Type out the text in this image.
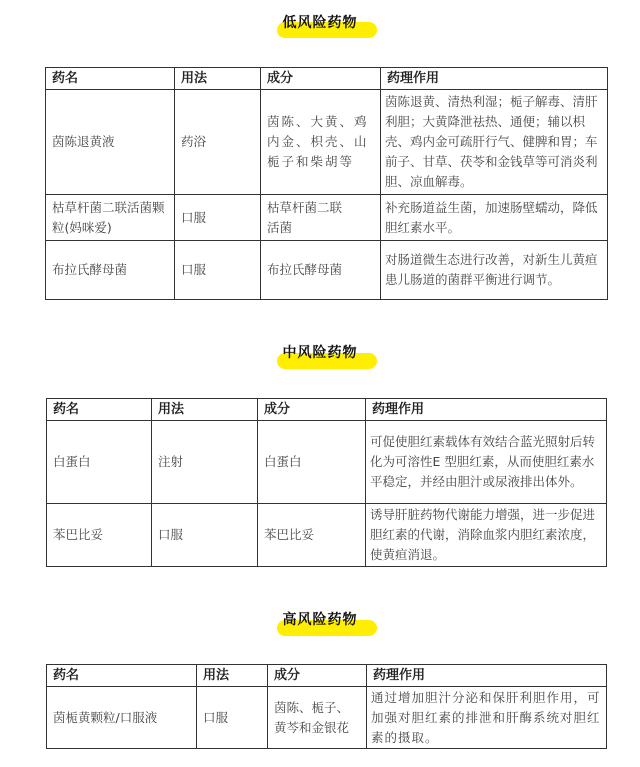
低风险药物
药名	用法	成分	药理作用
茵陈退黄液	药浴	茵陈、大黄、鸡内金、枳壳、山栀子和柴胡等	茵陈退黄、清热利湿；栀子解毒、清肝利胆；大黄降泄祛热、通便；辅以枳壳、鸡内金可疏肝行气、健脾和胃；车前子、甘草、茯苓和金钱草等可消炎利胆、凉血解毒。
枯草杆菌二联活菌颗粒(妈咪爱)	口服	枯草杆菌二联活菌	补充肠道益生菌，加速肠壁蠕动，降低胆红素水平。
布拉氏酵母菌	口服	布拉氏酵母菌	对肠道微生态进行改善，对新生儿黄疸患儿肠道的菌群平衡进行调节。
中风险药物
药名	用法	成分	药理作用
白蛋白	注射	白蛋白	可促使胆红素载体有效结合蓝光照射后转化为可溶性E 型胆红素，从而使胆红素水平稳定，并经由胆汁或尿液排出体外。
苯巴比妥	口服	苯巴比妥	诱导肝脏药物代谢能力增强，进一步促进胆红素的代谢，消除血浆内胆红素浓度，使黄疸消退。
高风险药物
药名	用法	成分	药理作用
茵栀黄颗粒/口服液	口服	茵陈、栀子、黄芩和金银花	通过增加胆汁分泌和保肝利胆作用，可加强对胆红素的排泄和肝酶系统对胆红素的摄取。
